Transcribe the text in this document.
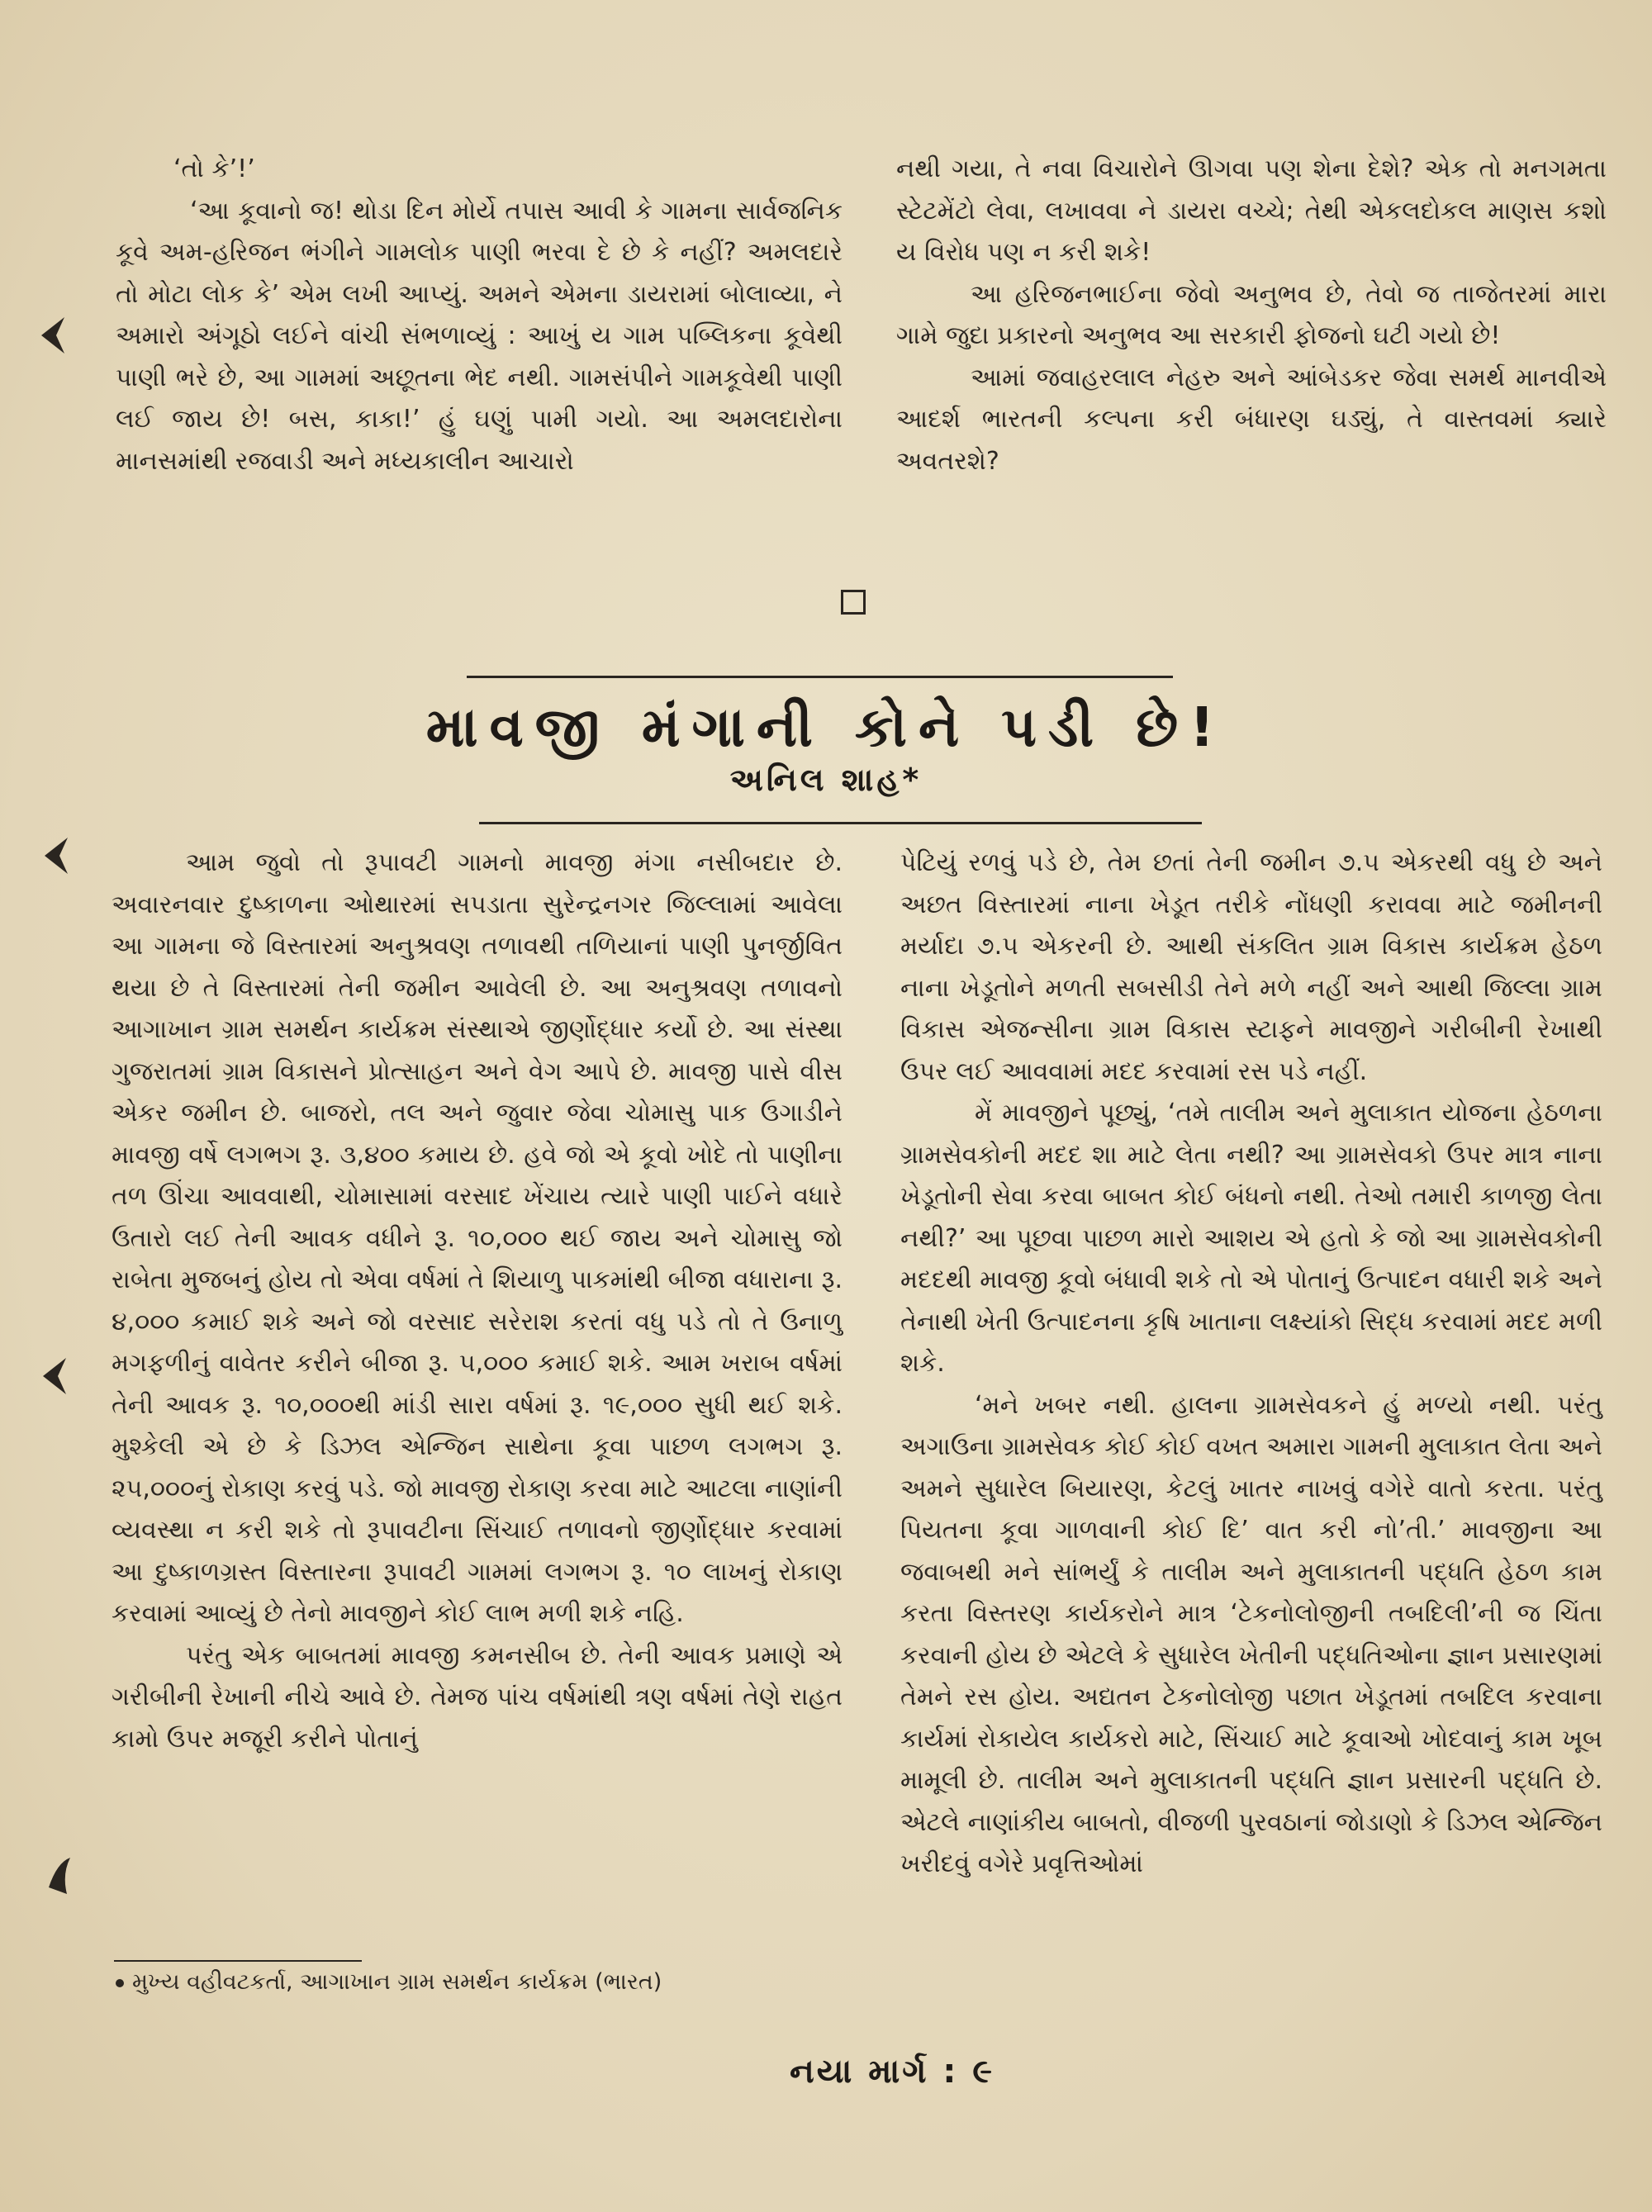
‘તો કે’!’

‘આ કૂવાનો જ! થોડા દિન મોર્યે તપાસ આવી કે ગામના સાર્વજનિક કૂવે અમ-હરિજન ભંગીને ગામલોક પાણી ભરવા દે છે કે નહીં? અમલદારે તો મોટા લોક કે’ એમ લખી આપ્યું. અમને એમના ડાયરામાં બોલાવ્યા, ને અમારો અંગૂઠો લઈને વાંચી સંભળાવ્યું : આખું ય ગામ પબ્લિકના કૂવેથી પાણી ભરે છે, આ ગામમાં અછૂતના ભેદ નથી. ગામસંપીને ગામકૂવેથી પાણી લઈ જાય છે! બસ, કાકા!’ હું ઘણું પામી ગયો. આ અમલદારોના માનસમાંથી રજવાડી અને મધ્યકાલીન આચારો

નથી ગયા, તે નવા વિચારોને ઊગવા પણ શેના દેશે? એક તો મનગમતા સ્ટેટમેંટો લેવા, લખાવવા ને ડાયરા વચ્ચે; તેથી એકલદોકલ માણસ કશો ય વિરોધ પણ ન કરી શકે!

આ હરિજનભાઈના જેવો અનુભવ છે, તેવો જ તાજેતરમાં મારા ગામે જુદા પ્રકારનો અનુભવ આ સરકારી ફોજનો ઘટી ગયો છે!

આમાં જવાહરલાલ નેહરુ અને આંબેડકર જેવા સમર્થ માનવીએ આદર્શ ભારતની કલ્પના કરી બંધારણ ઘડ્યું, તે વાસ્તવમાં ક્યારે અવતરશે?

માવજી મંગાની કોને પડી છે!
અનિલ શાહ*

આમ જુવો તો રૂપાવટી ગામનો માવજી મંગા નસીબદાર છે. અવારનવાર દુષ્કાળના ઓથારમાં સપડાતા સુરેન્દ્રનગર જિલ્લામાં આવેલા આ ગામના જે વિસ્તારમાં અનુશ્રવણ તળાવથી તળિયાનાં પાણી પુનર્જીવિત થયા છે તે વિસ્તારમાં તેની જમીન આવેલી છે. આ અનુશ્રવણ તળાવનો આગાખાન ગ્રામ સમર્થન કાર્યક્રમ સંસ્થાએ જીર્ણોદ્ધાર કર્યો છે. આ સંસ્થા ગુજરાતમાં ગ્રામ વિકાસને પ્રોત્સાહન અને વેગ આપે છે. માવજી પાસે વીસ એકર જમીન છે. બાજરો, તલ અને જુવાર જેવા ચોમાસુ પાક ઉગાડીને માવજી વર્ષે લગભગ રૂ. ૩,૪૦૦ કમાય છે. હવે જો એ કૂવો ખોદે તો પાણીના તળ ઊંચા આવવાથી, ચોમાસામાં વરસાદ ખેંચાય ત્યારે પાણી પાઈને વધારે ઉતારો લઈ તેની આવક વધીને રૂ. ૧૦,૦૦૦ થઈ જાય અને ચોમાસુ જો રાબેતા મુજબનું હોય તો એવા વર્ષમાં તે શિયાળુ પાકમાંથી બીજા વધારાના રૂ. ૪,૦૦૦ કમાઈ શકે અને જો વરસાદ સરેરાશ કરતાં વધુ પડે તો તે ઉનાળુ મગફળીનું વાવેતર કરીને બીજા રૂ. ૫,૦૦૦ કમાઈ શકે. આમ ખરાબ વર્ષમાં તેની આવક રૂ. ૧૦,૦૦૦થી માંડી સારા વર્ષમાં રૂ. ૧૯,૦૦૦ સુધી થઈ શકે. મુશ્કેલી એ છે કે ડિઝલ એન્જિન સાથેના કૂવા પાછળ લગભગ રૂ. ૨૫,૦૦૦નું રોકાણ કરવું પડે. જો માવજી રોકાણ કરવા માટે આટલા નાણાંની વ્યવસ્થા ન કરી શકે તો રૂપાવટીના સિંચાઈ તળાવનો જીર્ણોદ્ધાર કરવામાં આ દુષ્કાળગ્રસ્ત વિસ્તારના રૂપાવટી ગામમાં લગભગ રૂ. ૧૦ લાખનું રોકાણ કરવામાં આવ્યું છે તેનો માવજીને કોઈ લાભ મળી શકે નહિ.

પરંતુ એક બાબતમાં માવજી કમનસીબ છે. તેની આવક પ્રમાણે એ ગરીબીની રેખાની નીચે આવે છે. તેમજ પાંચ વર્ષમાંથી ત્રણ વર્ષમાં તેણે રાહત કામો ઉપર મજૂરી કરીને પોતાનું

પેટિયું રળવું પડે છે, તેમ છતાં તેની જમીન ૭.૫ એકરથી વધુ છે અને અછત વિસ્તારમાં નાના ખેડૂત તરીકે નોંધણી કરાવવા માટે જમીનની મર્યાદા ૭.૫ એકરની છે. આથી સંકલિત ગ્રામ વિકાસ કાર્યક્રમ હેઠળ નાના ખેડૂતોને મળતી સબસીડી તેને મળે નહીં અને આથી જિલ્લા ગ્રામ વિકાસ એજન્સીના ગ્રામ વિકાસ સ્ટાફને માવજીને ગરીબીની રેખાથી ઉપર લઈ આવવામાં મદદ કરવામાં રસ પડે નહીં.

મેં માવજીને પૂછ્યું, ‘તમે તાલીમ અને મુલાકાત યોજના હેઠળના ગ્રામસેવકોની મદદ શા માટે લેતા નથી? આ ગ્રામસેવકો ઉપર માત્ર નાના ખેડૂતોની સેવા કરવા બાબત કોઈ બંધનો નથી. તેઓ તમારી કાળજી લેતા નથી?’ આ પૂછવા પાછળ મારો આશય એ હતો કે જો આ ગ્રામસેવકોની મદદથી માવજી કૂવો બંધાવી શકે તો એ પોતાનું ઉત્પાદન વધારી શકે અને તેનાથી ખેતી ઉત્પાદનના કૃષિ ખાતાના લક્ષ્યાંકો સિદ્ધ કરવામાં મદદ મળી શકે.

‘મને ખબર નથી. હાલના ગ્રામસેવકને હું મળ્યો નથી. પરંતુ અગાઉના ગ્રામસેવક કોઈ કોઈ વખત અમારા ગામની મુલાકાત લેતા અને અમને સુધારેલ બિયારણ, કેટલું ખાતર નાખવું વગેરે વાતો કરતા. પરંતુ પિયતના કૂવા ગાળવાની કોઈ દિ’ વાત કરી નો’તી.’ માવજીના આ જવાબથી મને સાંભર્યું કે તાલીમ અને મુલાકાતની પદ્ધતિ હેઠળ કામ કરતા વિસ્તરણ કાર્યકરોને માત્ર ‘ટેકનોલોજીની તબદિલી’ની જ ચિંતા કરવાની હોય છે એટલે કે સુધારેલ ખેતીની પદ્ધતિઓના જ્ઞાન પ્રસારણમાં તેમને રસ હોય. અદ્યતન ટેકનોલોજી પછાત ખેડૂતમાં તબદિલ કરવાના કાર્યમાં રોકાયેલ કાર્યકરો માટે, સિંચાઈ માટે કૂવાઓ ખોદવાનું કામ ખૂબ મામૂલી છે. તાલીમ અને મુલાકાતની પદ્ધતિ જ્ઞાન પ્રસારની પદ્ધતિ છે. એટલે નાણાંકીય બાબતો, વીજળી પુરવઠાનાં જોડાણો કે ડિઝલ એન્જિન ખરીદવું વગેરે પ્રવૃત્તિઓમાં

મુખ્ય વહીવટકર્તા, આગાખાન ગ્રામ સમર્થન કાર્યક્રમ (ભારત)
નયા માર્ગ : ૯
